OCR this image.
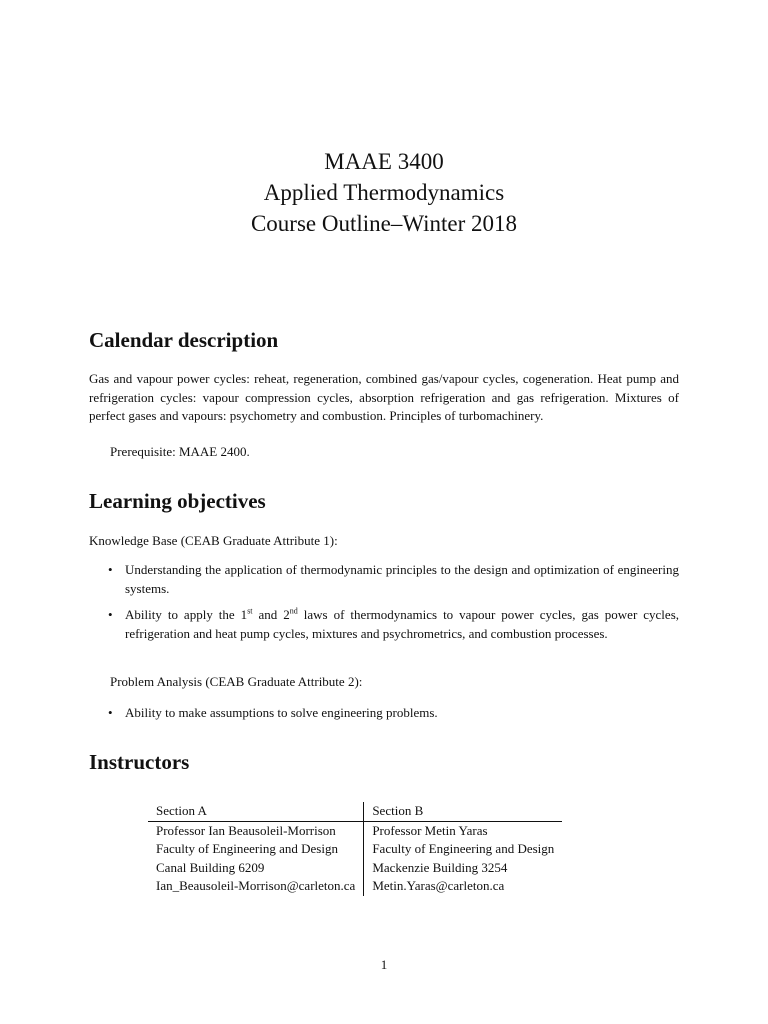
MAAE 3400
Applied Thermodynamics
Course Outline–Winter 2018
Calendar description

Gas and vapour power cycles: reheat, regeneration, combined gas/vapour cycles, cogeneration. Heat pump and refrigeration cycles: vapour compression cycles, absorption refrigeration and gas refrigeration. Mixtures of perfect gases and vapours: psychometry and combustion. Principles of turbomachinery.

Prerequisite: MAAE 2400.

Learning objectives

Knowledge Base (CEAB Graduate Attribute 1):

• Understanding the application of thermodynamic principles to the design and optimization of engineering systems.
• Ability to apply the 1st and 2nd laws of thermodynamics to vapour power cycles, gas power cycles, refrigeration and heat pump cycles, mixtures and psychrometrics, and combustion processes.

Problem Analysis (CEAB Graduate Attribute 2):

• Ability to make assumptions to solve engineering problems.
Instructors
Section A	Section B
Professor Ian Beausoleil-Morrison	Professor Metin Yaras
Faculty of Engineering and Design	Faculty of Engineering and Design
Canal Building 6209	Mackenzie Building 3254
Ian_Beausoleil-Morrison@carleton.ca	Metin.Yaras@carleton.ca
1
